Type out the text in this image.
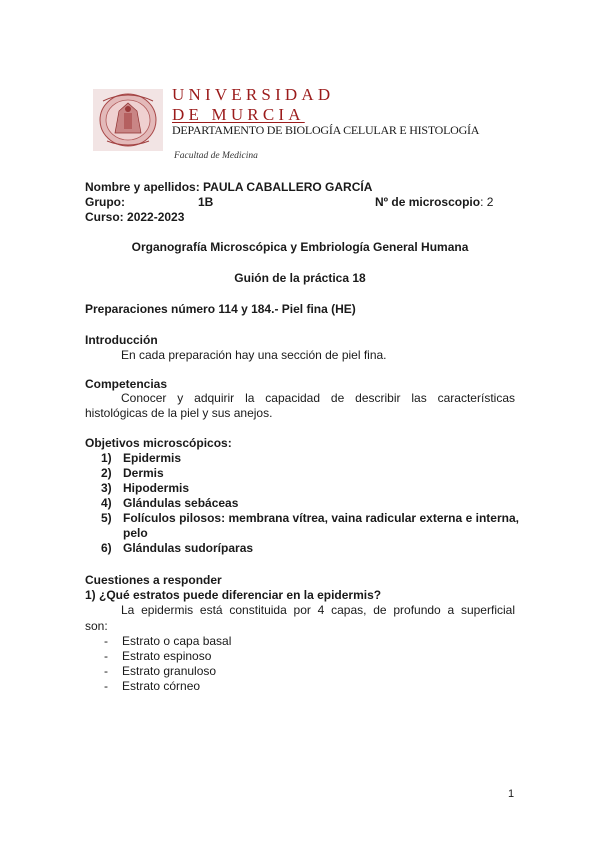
UNIVERSIDAD
DE MURCIA
DEPARTAMENTO DE BIOLOGÍA CELULAR E HISTOLOGÍA
Facultad de Medicina
Nombre y apellidos: PAULA CABALLERO GARCÍA
Grupo:	1B	Nº de microscopio: 2
Curso: 2022-2023
Organografía Microscópica y Embriología General Humana
Guión de la práctica 18
Preparaciones número 114 y 184.- Piel fina (HE)
Introducción
En cada preparación hay una sección de piel fina.
Competencias
Conocer y adquirir la capacidad de describir las características histológicas de la piel y sus anejos.
Objetivos microscópicos:
1) Epidermis
2) Dermis
3) Hipodermis
4) Glándulas sebáceas
5) Folículos pilosos: membrana vítrea, vaina radicular externa e interna, pelo
6) Glándulas sudoríparas
Cuestiones a responder
1) ¿Qué estratos puede diferenciar en la epidermis?
La epidermis está constituida por 4 capas, de profundo a superficial
son:
- Estrato o capa basal
- Estrato espinoso
- Estrato granuloso
- Estrato córneo
1
